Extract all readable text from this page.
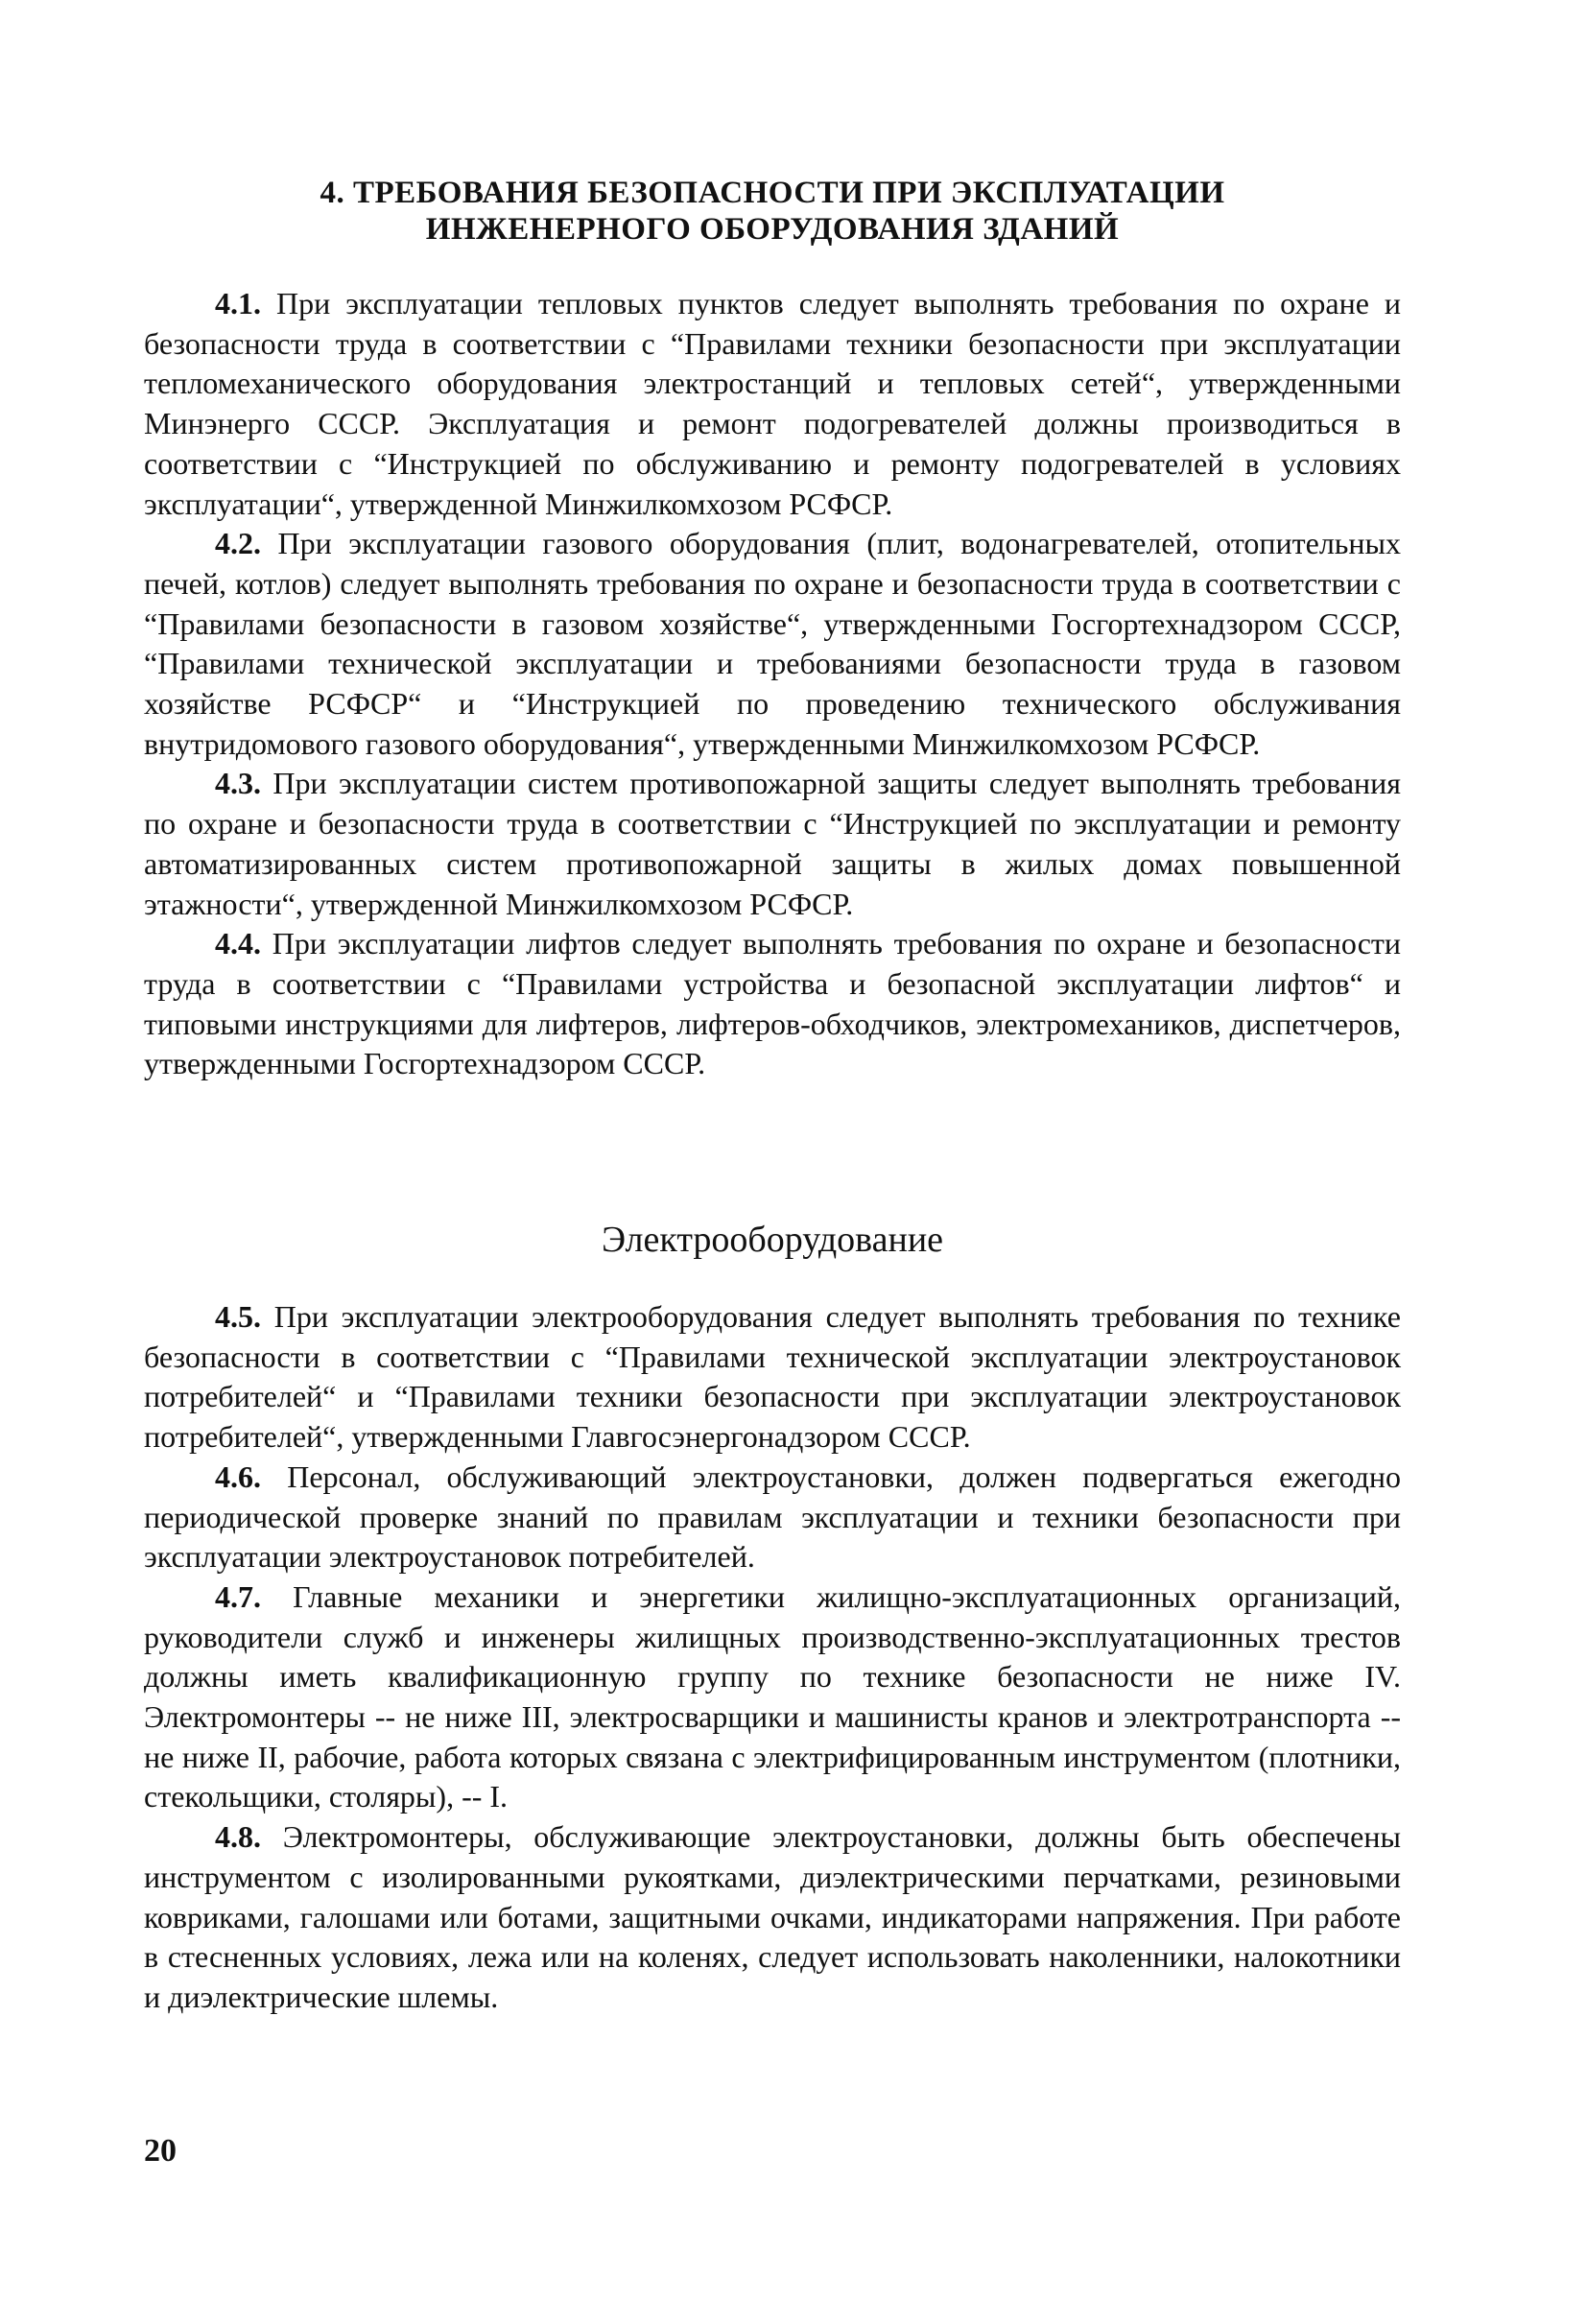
4. ТРЕБОВАНИЯ БЕЗОПАСНОСТИ ПРИ ЭКСПЛУАТАЦИИ
ИНЖЕНЕРНОГО ОБОРУДОВАНИЯ ЗДАНИЙ

4.1. При эксплуатации тепловых пунктов следует выполнять требования по охране и безопасности труда в соответствии с “Правилами техники безопасности при эксплуатации тепломеханического оборудования электростанций и тепловых сетей“, утвержденными Минэнерго СССР. Эксплуатация и ремонт подогревателей должны производиться в соответствии с “Инструкцией по обслуживанию и ремонту подогревателей в условиях эксплуатации“, утвержденной Минжилкомхозом РСФСР.

4.2. При эксплуатации газового оборудования (плит, водонагревателей, отопительных печей, котлов) следует выполнять требования по охране и безопасности труда в соответствии с “Правилами безопасности в газовом хозяйстве“, утвержденными Госгортехнадзором СССР, “Правилами технической эксплуатации и требованиями безопасности труда в газовом хозяйстве РСФСР“ и “Инструкцией по проведению технического обслуживания внутридомового газового оборудования“, утвержденными Минжилкомхозом РСФСР.

4.3. При эксплуатации систем противопожарной защиты следует выполнять требования по охране и безопасности труда в соответствии с “Инструкцией по эксплуатации и ремонту автоматизированных систем противопожарной защиты в жилых домах повышенной этажности“, утвержденной Минжилкомхозом РСФСР.

4.4. При эксплуатации лифтов следует выполнять требования по охране и безопасности труда в соответствии с “Правилами устройства и безопасной эксплуатации лифтов“ и типовыми инструкциями для лифтеров, лифтеров-обходчиков, электромехаников, диспетчеров, утвержденными Госгортехнадзором СССР.

Электрооборудование

4.5. При эксплуатации электрооборудования следует выполнять требования по технике безопасности в соответствии с “Правилами технической эксплуатации электроустановок потребителей“ и “Правилами техники безопасности при эксплуатации электроустановок потребителей“, утвержденными Главгосэнергонадзором СССР.

4.6. Персонал, обслуживающий электроустановки, должен подвергаться ежегодно периодической проверке знаний по правилам эксплуатации и техники безопасности при эксплуатации электроустановок потребителей.

4.7. Главные механики и энергетики жилищно-эксплуатационных организаций, руководители служб и инженеры жилищных производственно-эксплуатационных трестов должны иметь квалификационную группу по технике безопасности не ниже IV. Электромонтеры -- не ниже III, электросварщики и машинисты кранов и электротранспорта -- не ниже II, рабочие, работа которых связана с электрифицированным инструментом (плотники, стекольщики, столяры), -- I.

4.8. Электромонтеры, обслуживающие электроустановки, должны быть обеспечены инструментом с изолированными рукоятками, диэлектрическими перчатками, резиновыми ковриками, галошами или ботами, защитными очками, индикаторами напряжения. При работе в стесненных условиях, лежа или на коленях, следует использовать наколенники, налокотники и диэлектрические шлемы.

20
